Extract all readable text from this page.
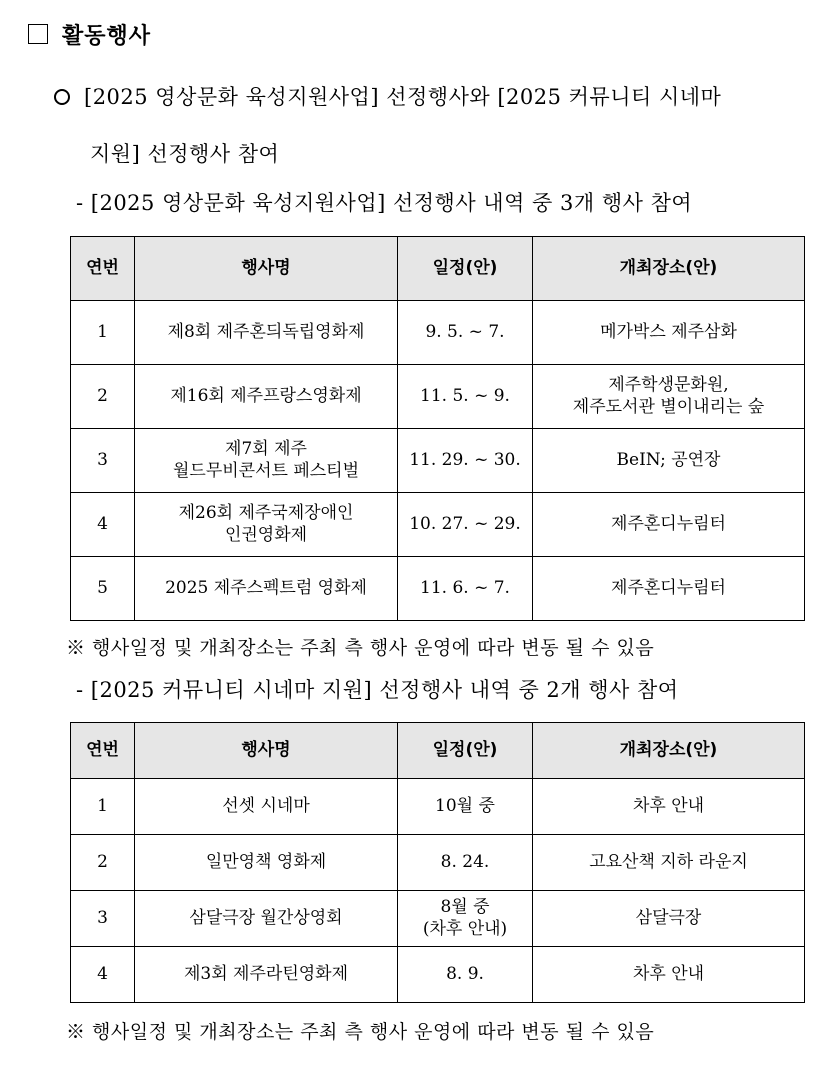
활동행사
[2025 영상문화 육성지원사업] 선정행사와 [2025 커뮤니티 시네마
지원] 선정행사 참여
- [2025 영상문화 육성지원사업] 선정행사 내역 중 3개 행사 참여
연번	행사명	일정(안)	개최장소(안)
1	제8회 제주혼듸독립영화제	9. 5. ~ 7.	메가박스 제주삼화
2	제16회 제주프랑스영화제	11. 5. ~ 9.	제주학생문화원,
제주도서관 별이내리는 숲

3	제7회 제주
월드무비콘서트 페스티벌	11. 29. ~ 30.	BeIN; 공연장
4	제26회 제주국제장애인
인권영화제	10. 27. ~ 29.	제주혼디누림터
5	2025 제주스펙트럼 영화제	11. 6. ~ 7.	제주혼디누림터
※ 행사일정 및 개최장소는 주최 측 행사 운영에 따라 변동 될 수 있음
- [2025 커뮤니티 시네마 지원] 선정행사 내역 중 2개 행사 참여
연번	행사명	일정(안)	개최장소(안)
1	선셋 시네마	10월 중	차후 안내
2	일만영책 영화제	8. 24.	고요산책 지하 라운지
3	삼달극장 월간상영회	8월 중
(차후 안내)	삼달극장
4	제3회 제주라틴영화제	8. 9.	차후 안내
※ 행사일정 및 개최장소는 주최 측 행사 운영에 따라 변동 될 수 있음
